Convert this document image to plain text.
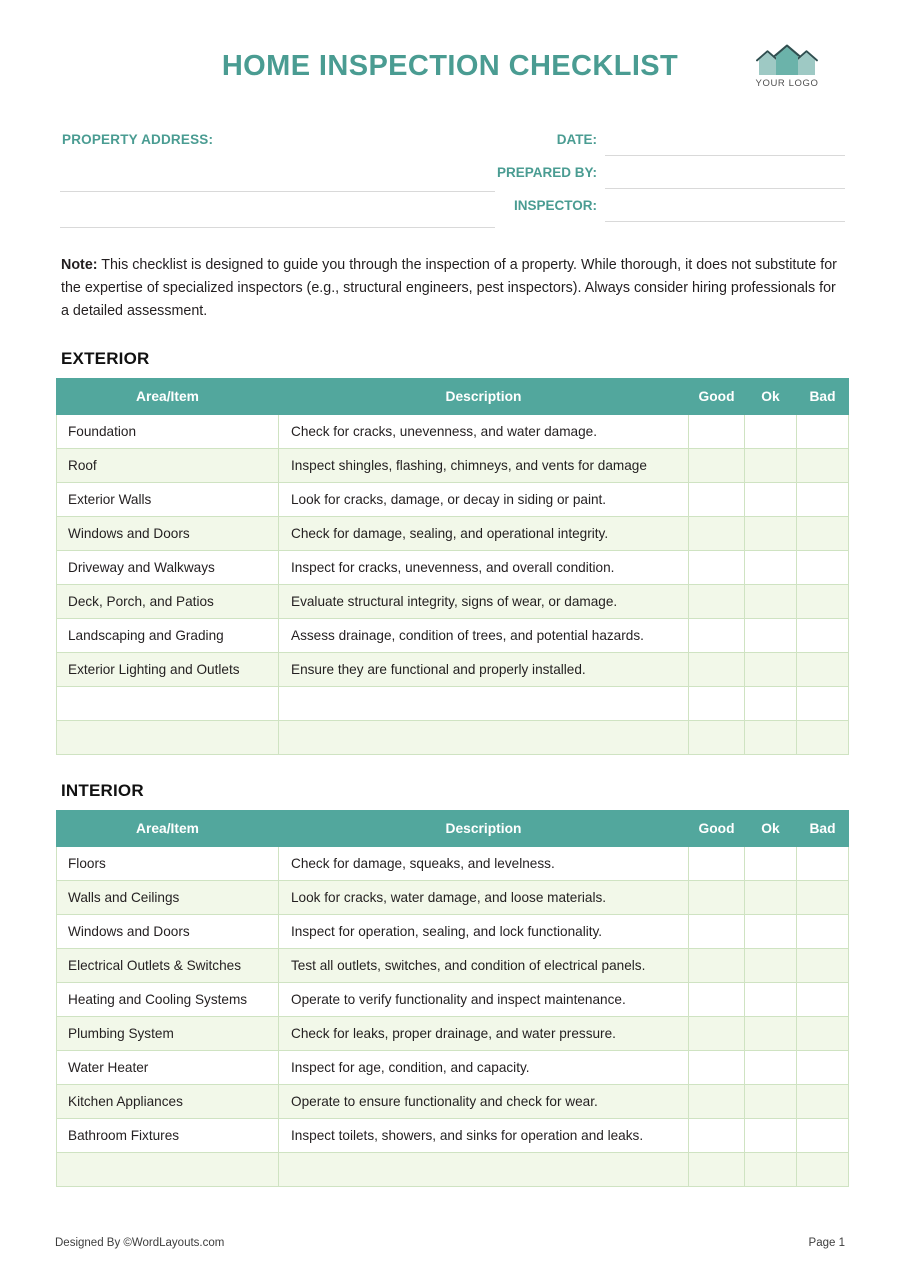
HOME INSPECTION CHECKLIST
YOUR LOGO
PROPERTY ADDRESS:	DATE:
PREPARED BY:
INSPECTOR:
Note: This checklist is designed to guide you through the inspection of a property. While thorough, it does not substitute for the expertise of specialized inspectors (e.g., structural engineers, pest inspectors). Always consider hiring professionals for a detailed assessment.
EXTERIOR
Area/Item	Description	Good	Ok	Bad
Foundation	Check for cracks, unevenness, and water damage.			
Roof	Inspect shingles, flashing, chimneys, and vents for damage			
Exterior Walls	Look for cracks, damage, or decay in siding or paint.			
Windows and Doors	Check for damage, sealing, and operational integrity.			
Driveway and Walkways	Inspect for cracks, unevenness, and overall condition.			
Deck, Porch, and Patios	Evaluate structural integrity, signs of wear, or damage.			
Landscaping and Grading	Assess drainage, condition of trees, and potential hazards.			
Exterior Lighting and Outlets	Ensure they are functional and properly installed.			

INTERIOR
Area/Item	Description	Good	Ok	Bad
Floors	Check for damage, squeaks, and levelness.			
Walls and Ceilings	Look for cracks, water damage, and loose materials.			
Windows and Doors	Inspect for operation, sealing, and lock functionality.			
Electrical Outlets & Switches	Test all outlets, switches, and condition of electrical panels.			
Heating and Cooling Systems	Operate to verify functionality and inspect maintenance.			
Plumbing System	Check for leaks, proper drainage, and water pressure.			
Water Heater	Inspect for age, condition, and capacity.			
Kitchen Appliances	Operate to ensure functionality and check for wear.			
Bathroom Fixtures	Inspect toilets, showers, and sinks for operation and leaks.			

Designed By ©WordLayouts.com	Page 1
